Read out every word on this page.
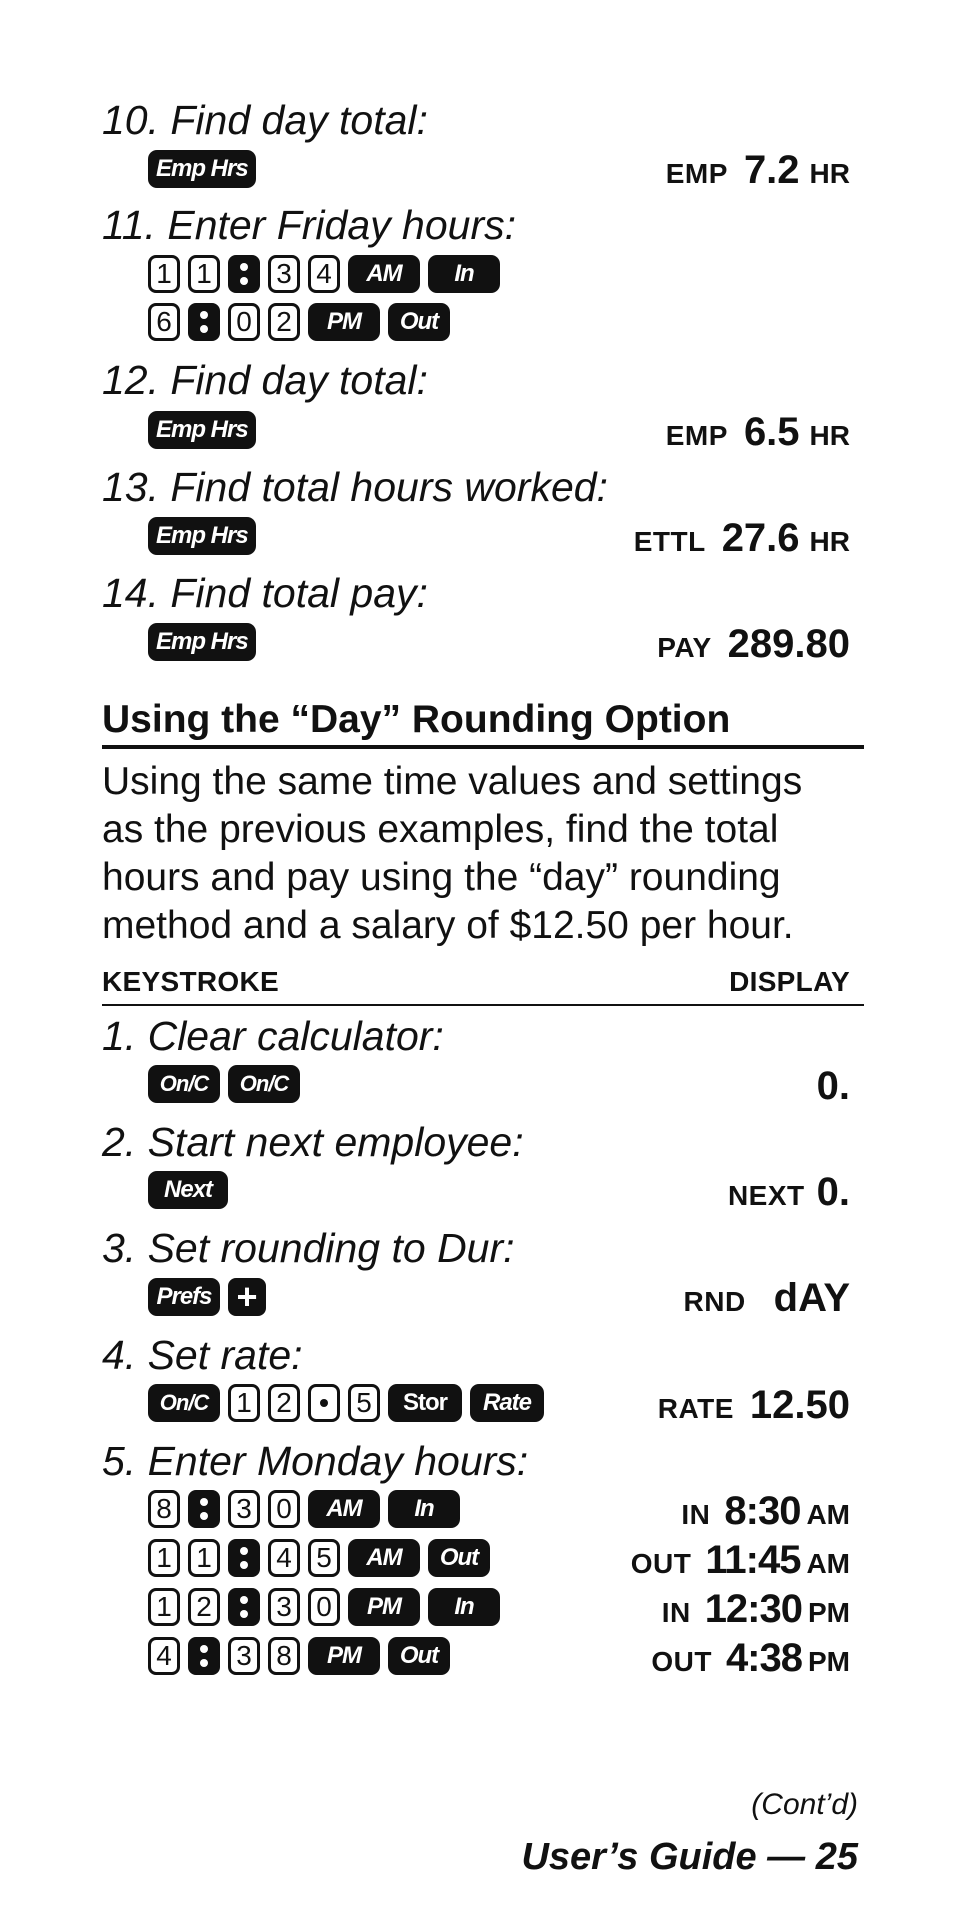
10. Find day total:
Emp Hrs	EMP 7.2 HR
11. Enter Friday hours:
1 1 3 4	AM	In
6 0 2	PM	Out
12. Find day total:
Emp Hrs	EMP 6.5 HR
13. Find total hours worked:
Emp Hrs	ETTL 27.6 HR
14. Find total pay:
Emp Hrs	PAY 289.80
Using the “Day” Rounding Option
Using the same time values and settings
as the previous examples, find the total
hours and pay using the “day” rounding
method and a salary of $12.50 per hour.
KEYSTROKE	DISPLAY
1. Clear calculator:
On/C	On/C	0.
2. Start next employee:
Next	NEXT 0.
3. Set rounding to Dur:
Prefs +	RND dAY
4. Set rate:
On/C 1 2 5	Stor	Rate	RATE 12.50
5. Enter Monday hours:
8 3 0	AM	In	IN 8:30 AM
1 1 4 5	AM	Out	OUT 11:45 AM
1 2 3 0	PM	In	IN 12:30 PM
4 3 8	PM	Out	OUT 4:38 PM
(Cont’d)
User’s Guide — 25
